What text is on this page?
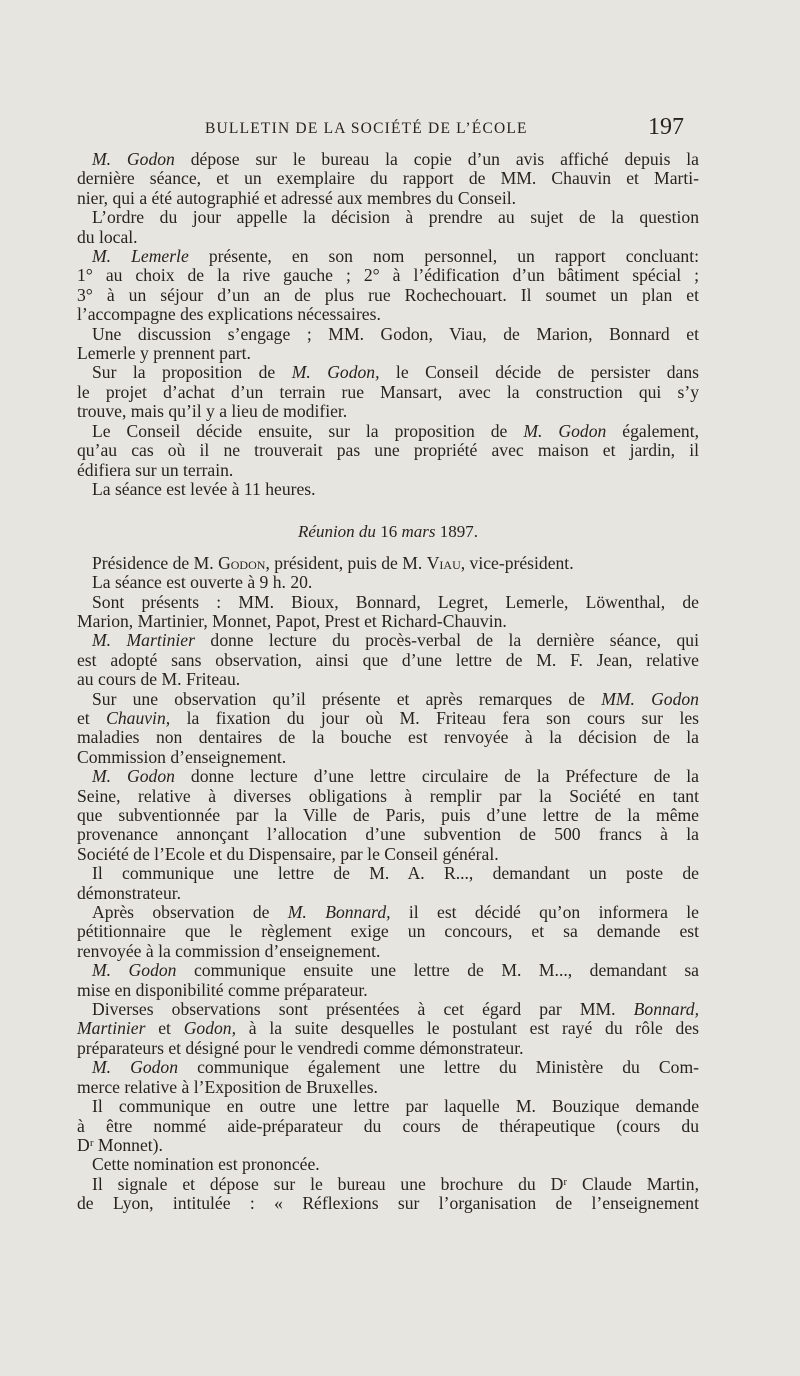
BULLETIN DE LA SOCIÉTÉ DE L’ÉCOLE	197

M. Godon dépose sur le bureau la copie d’un avis affiché depuis la
dernière séance, et un exemplaire du rapport de MM. Chauvin et Marti-
nier, qui a été autographié et adressé aux membres du Conseil.

L’ordre du jour appelle la décision à prendre au sujet de la question
du local.

M. Lemerle présente, en son nom personnel, un rapport concluant:
1° au choix de la rive gauche ; 2° à l’édification d’un bâtiment spécial ;
3° à un séjour d’un an de plus rue Rochechouart. Il soumet un plan et
l’accompagne des explications nécessaires.

Une discussion s’engage ; MM. Godon, Viau, de Marion, Bonnard et
Lemerle y prennent part.

Sur la proposition de M. Godon, le Conseil décide de persister dans
le projet d’achat d’un terrain rue Mansart, avec la construction qui s’y
trouve, mais qu’il y a lieu de modifier.

Le Conseil décide ensuite, sur la proposition de M. Godon également,
qu’au cas où il ne trouverait pas une propriété avec maison et jardin, il
édifiera sur un terrain.

La séance est levée à 11 heures.

Réunion du 16 mars 1897.

Présidence de M. Godon, président, puis de M. Viau, vice-président.

La séance est ouverte à 9 h. 20.

Sont présents : MM. Bioux, Bonnard, Legret, Lemerle, Löwenthal, de
Marion, Martinier, Monnet, Papot, Prest et Richard-Chauvin.

M. Martinier donne lecture du procès-verbal de la dernière séance, qui
est adopté sans observation, ainsi que d’une lettre de M. F. Jean, relative
au cours de M. Friteau.

Sur une observation qu’il présente et après remarques de MM. Godon
et Chauvin, la fixation du jour où M. Friteau fera son cours sur les
maladies non dentaires de la bouche est renvoyée à la décision de la
Commission d’enseignement.

M. Godon donne lecture d’une lettre circulaire de la Préfecture de la
Seine, relative à diverses obligations à remplir par la Société en tant
que subventionnée par la Ville de Paris, puis d’une lettre de la même
provenance annonçant l’allocation d’une subvention de 500 francs à la
Société de l’Ecole et du Dispensaire, par le Conseil général.

Il communique une lettre de M. A. R..., demandant un poste de
démonstrateur.

Après observation de M. Bonnard, il est décidé qu’on informera le
pétitionnaire que le règlement exige un concours, et sa demande est
renvoyée à la commission d’enseignement.

M. Godon communique ensuite une lettre de M. M..., demandant sa
mise en disponibilité comme préparateur.

Diverses observations sont présentées à cet égard par MM. Bonnard,
Martinier et Godon, à la suite desquelles le postulant est rayé du rôle des
préparateurs et désigné pour le vendredi comme démonstrateur.

M. Godon communique également une lettre du Ministère du Com-
merce relative à l’Exposition de Bruxelles.

Il communique en outre une lettre par laquelle M. Bouzique demande
à être nommé aide-préparateur du cours de thérapeutique (cours du
Dʳ Monnet).

Cette nomination est prononcée.

Il signale et dépose sur le bureau une brochure du Dʳ Claude Martin,
de Lyon, intitulée : « Réflexions sur l’organisation de l’enseignement
